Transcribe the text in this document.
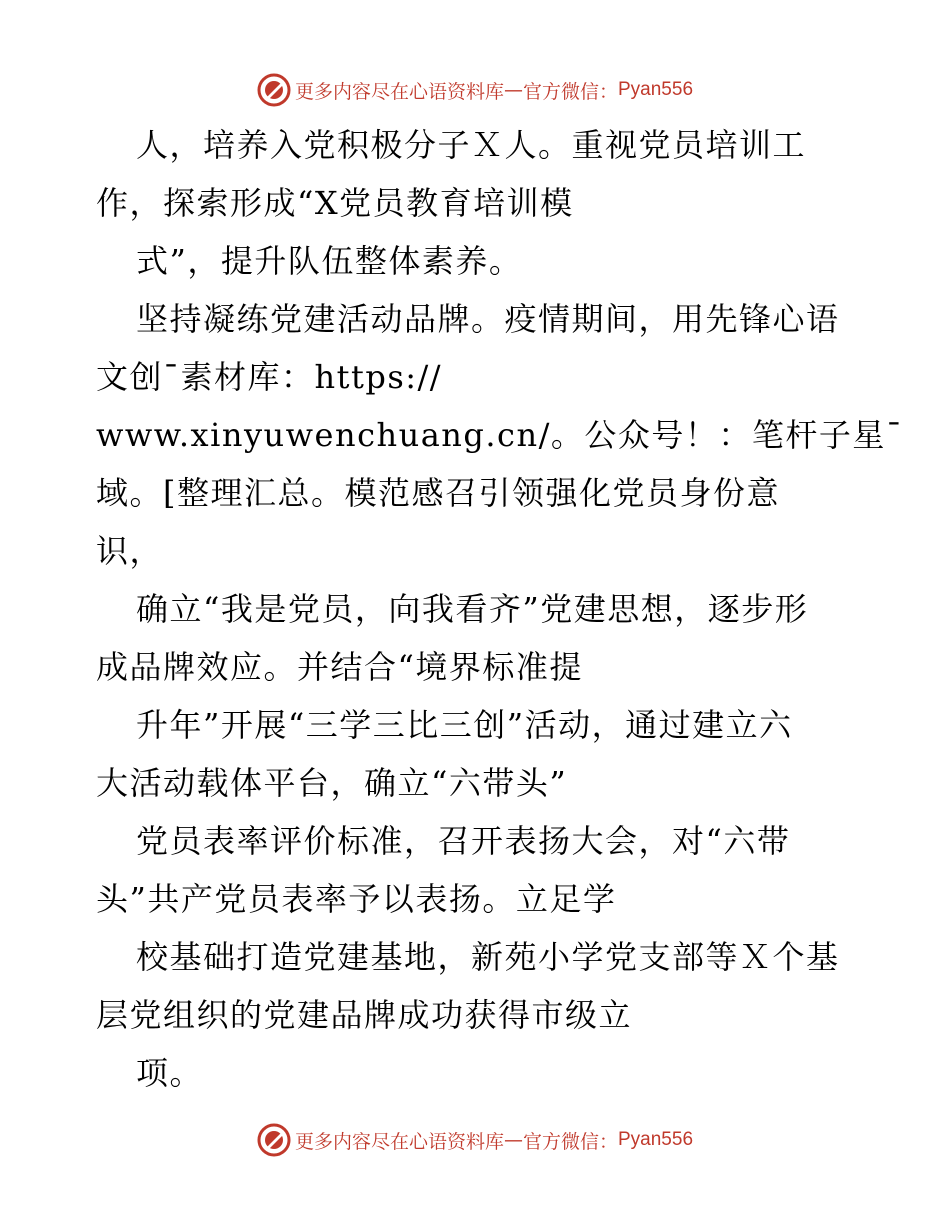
更多内容尽在心语资料库 — 官方微信： Pyan556
人，培养入党积极分子Ｘ人。重视党员培训工
作，探索形成“X党员教育培训模
式”，提升队伍整体素养。
坚持凝练党建活动品牌。疫情期间，用先锋心语
文创¯素材库：https://
www.xinyuwenchuang.cn/。公众号！：笔杆子星¯
域。[整理汇总。模范感召引领强化党员身份意
识，
确立“我是党员，向我看齐”党建思想，逐步形
成品牌效应。并结合“境界标准提
升年”开展“三学三比三创”活动，通过建立六
大活动载体平台，确立“六带头”
党员表率评价标准，召开表扬大会，对“六带
头”共产党员表率予以表扬。立足学
校基础打造党建基地，新苑小学党支部等Ｘ个基
层党组织的党建品牌成功获得市级立
项。
更多内容尽在心语资料库 — 官方微信： Pyan556
